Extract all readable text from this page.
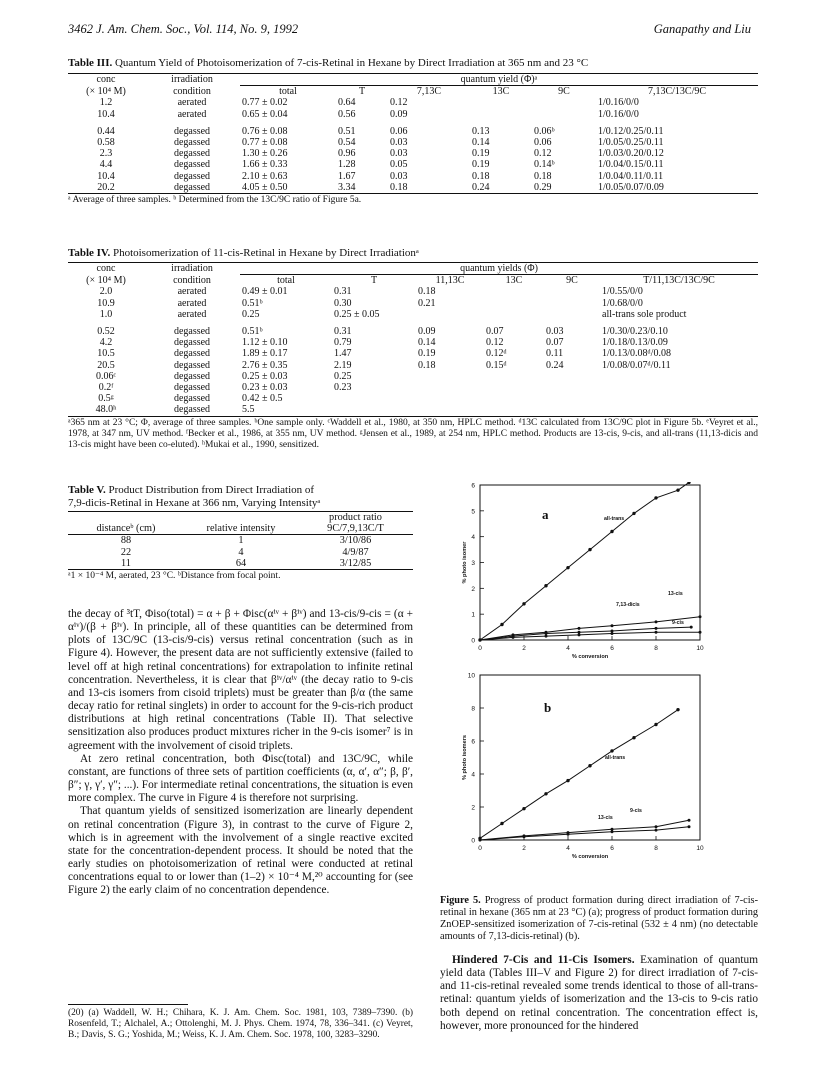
3462 J. Am. Chem. Soc., Vol. 114, No. 9, 1992	Ganapathy and Liu
Table III. Quantum Yield of Photoisomerization of 7-cis-Retinal in Hexane by Direct Irradiation at 365 nm and 23 °C
conc	irradiation	quantum yield (Φ)ᵃ					
(× 10⁴ M)	condition	total	T	7,13C	13C	9C	7,13C/13C/9C
1.2	aerated	0.77 ± 0.02	0.64	0.12			1/0.16/0/0
10.4	aerated	0.65 ± 0.04	0.56	0.09			1/0.16/0/0
0.44	degassed	0.76 ± 0.08	0.51	0.06	0.13	0.06ᵇ	1/0.12/0.25/0.11
0.58	degassed	0.77 ± 0.08	0.54	0.03	0.14	0.06	1/0.05/0.25/0.11
2.3	degassed	1.30 ± 0.26	0.96	0.03	0.19	0.12	1/0.03/0.20/0.12
4.4	degassed	1.66 ± 0.33	1.28	0.05	0.19	0.14ᵇ	1/0.04/0.15/0.11
10.4	degassed	2.10 ± 0.63	1.67	0.03	0.18	0.18	1/0.04/0.11/0.11
20.2	degassed	4.05 ± 0.50	3.34	0.18	0.24	0.29	1/0.05/0.07/0.09
ᵃ Average of three samples. ᵇ Determined from the 13C/9C ratio of Figure 5a.
Table IV. Photoisomerization of 11-cis-Retinal in Hexane by Direct Irradiationᵃ
conc	irradiation	quantum yields (Φ)					
(× 10⁴ M)	condition	total	T	11,13C	13C	9C	T/11,13C/13C/9C
2.0	aerated	0.49 ± 0.01	0.31	0.18			1/0.55/0/0
10.9	aerated	0.51ᵇ	0.30	0.21			1/0.68/0/0
1.0	aerated	0.25	0.25 ± 0.05				all-trans sole product
0.52	degassed	0.51ᵇ	0.31	0.09	0.07	0.03	1/0.30/0.23/0.10
4.2	degassed	1.12 ± 0.10	0.79	0.14	0.12	0.07	1/0.18/0.13/0.09
10.5	degassed	1.89 ± 0.17	1.47	0.19	0.12ᵈ	0.11	1/0.13/0.08ᵈ/0.08
20.5	degassed	2.76 ± 0.35	2.19	0.18	0.15ᵈ	0.24	1/0.08/0.07ᵈ/0.11
0.06ᶜ	degassed	0.25 ± 0.03	0.25				
0.2ᶠ	degassed	0.23 ± 0.03	0.23				
0.5ᵍ	degassed	0.42 ± 0.5					
48.0ʰ	degassed	5.5					
ᵃ365 nm at 23 °C; Φ, average of three samples. ᵇOne sample only. ᶜWaddell et al., 1980, at 350 nm, HPLC method. ᵈ13C calculated from 13C/9C plot in Figure 5b. ᵉVeyret et al., 1978, at 347 nm, UV method. ᶠBecker et al., 1986, at 355 nm, UV method. ᵍJensen et al., 1989, at 254 nm, HPLC method. Products are 13-cis, 9-cis, and all-trans (11,13-dicis and 13-cis might have been co-eluted). ʰMukai et al., 1990, sensitized.
Table V. Product Distribution from Direct Irradiation of
7,9-dicis-Retinal in Hexane at 366 nm, Varying Intensityᵃ
		product ratio
distanceᵇ (cm)	relative intensity	9C/7,9,13C/T
88	1	3/10/86
22	4	4/9/87
11	64	3/12/85
ᵃ1 × 10⁻⁴ M, aerated, 23 °C. ᵇDistance from focal point.

the decay of ³tT, Φiso(total) = α + β + Φisc(αⁱᵛ + βⁱᵛ) and 13-cis/9-cis = (α + αⁱᵛ)/(β + βⁱᵛ). In principle, all of these quantities can be determined from plots of 13C/9C (13-cis/9-cis) versus retinal concentration (such as in Figure 4). However, the present data are not sufficiently extensive (failed to level off at high retinal concentrations) for extrapolation to infinite retinal concentration. Nevertheless, it is clear that βⁱᵛ/αⁱᵛ (the decay ratio to 9-cis and 13-cis isomers from cisoid triplets) must be greater than β/α (the same decay ratio for retinal singlets) in order to account for the 9-cis-rich product distributions at high retinal concentrations (Table II). That selective sensitization also produces product mixtures richer in the 9-cis isomer⁷ is in agreement with the involvement of cisoid triplets.

At zero retinal concentration, both Φisc(total) and 13C/9C, while constant, are functions of three sets of partition coefficients (α, α′, α″; β, β′, β″; γ, γ′, γ″; ...). For intermediate retinal concentrations, the situation is even more complex. The curve in Figure 4 is therefore not surprising.

That quantum yields of sensitized isomerization are linearly dependent on retinal concentration (Figure 3), in contrast to the curve of Figure 2, which is in agreement with the involvement of a single reactive excited state for the concentration-dependent process. It should be noted that the early studies on photoisomerization of retinal were conducted at retinal concentrations equal to or lower than (1–2) × 10⁻⁴ M,²⁰ accounting for (see Figure 2) the early claim of no concentration dependence.

(20) (a) Waddell, W. H.; Chihara, K. J. Am. Chem. Soc. 1981, 103, 7389–7390. (b) Rosenfeld, T.; Alchalel, A.; Ottolenghi, M. J. Phys. Chem. 1974, 78, 336–341. (c) Veyret, B.; Davis, S. G.; Yoshida, M.; Weiss, K. J. Am. Chem. Soc. 1978, 100, 3283–3290.
0	2	4	6	8	10
0
1
2
3
4
5
6
% conversion
% photo isomer
a	all-trans
13-cis
7,13-dicis
9-cis
0	2	4	6	8	10
0
2
4
6
8
10
% conversion
% photo isomers
b
all-trans
13-cis
9-cis
Figure 5. Progress of product formation during direct irradiation of 7-cis-retinal in hexane (365 nm at 23 °C) (a); progress of product formation during ZnOEP-sensitized isomerization of 7-cis-retinal (532 ± 4 nm) (no detectable amounts of 7,13-dicis-retinal) (b).
Hindered 7-Cis and 11-Cis Isomers. Examination of quantum yield data (Tables III–V and Figure 2) for direct irradiation of 7-cis- and 11-cis-retinal revealed some trends identical to those of all-trans-retinal: quantum yields of isomerization and the 13-cis to 9-cis ratio both depend on retinal concentration. The concentration effect is, however, more pronounced for the hindered
